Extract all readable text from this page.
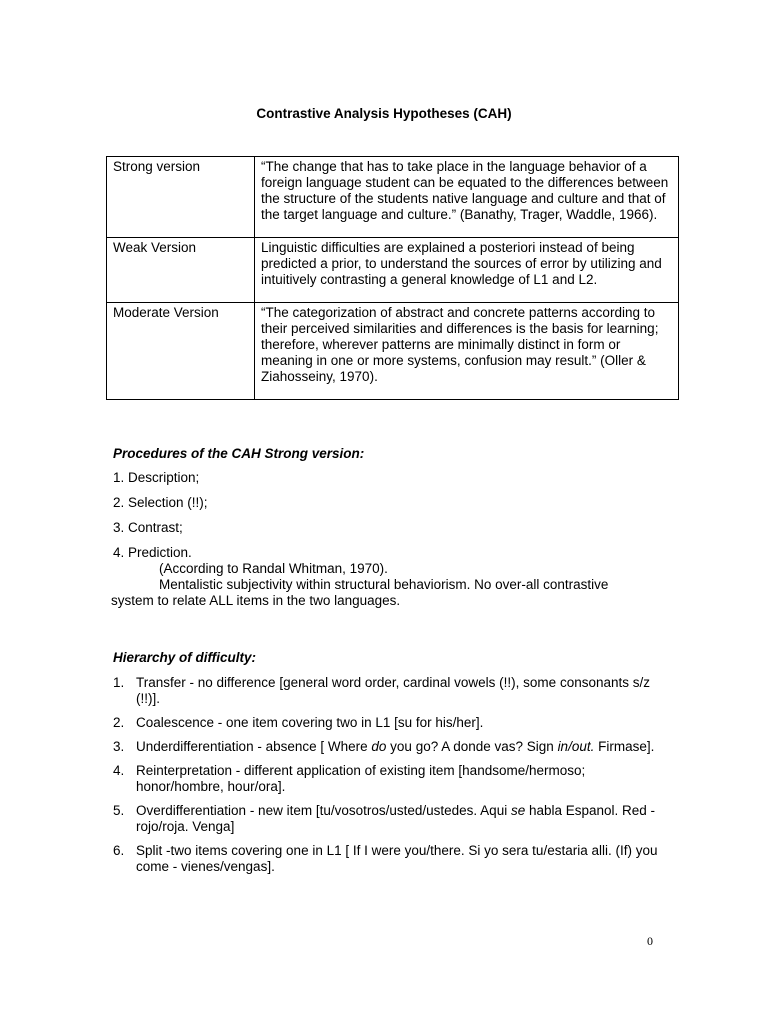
Contrastive Analysis Hypotheses (CAH)
Strong version	“The change that has to take place in the language behavior of a foreign language student can be equated to the differences between the structure of the students native language and culture and that of the target language and culture.” (Banathy, Trager, Waddle, 1966).
Weak Version	Linguistic difficulties are explained a posteriori instead of being predicted a prior, to understand the sources of error by utilizing and intuitively contrasting a general knowledge of L1 and L2.
Moderate Version	“The categorization of abstract and concrete patterns according to their perceived similarities and differences is the basis for learning; therefore, wherever patterns are minimally distinct in form or meaning in one or more systems, confusion may result.” (Oller & Ziahosseiny, 1970).
Procedures of the CAH Strong version:
1. Description;
2. Selection (!!);
3. Contrast;
4. Prediction.
(According to Randal Whitman, 1970).
Mentalistic subjectivity within structural behaviorism. No over-all contrastive
system to relate ALL items in the two languages.
Hierarchy of difficulty:
1. Transfer - no difference [general word order, cardinal vowels (!!), some consonants s/z (!!)].
2. Coalescence - one item covering two in L1 [su for his/her].
3. Underdifferentiation - absence [ Where do you go? A donde vas? Sign in/out. Firmase].
4. Reinterpretation - different application of existing item [handsome/hermoso; honor/hombre, hour/ora].
5. Overdifferentiation - new item [tu/vosotros/usted/ustedes. Aqui se habla Espanol. Red - rojo/roja. Venga]
6. Split -two items covering one in L1 [ If I were you/there. Si yo sera tu/estaria alli. (If) you come - vienes/vengas].
0
